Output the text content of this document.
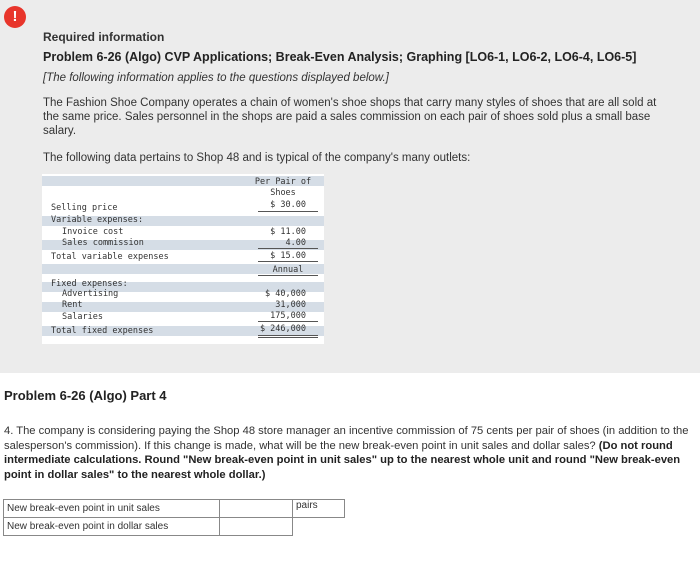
!
Required information
Problem 6-26 (Algo) CVP Applications; Break-Even Analysis; Graphing [LO6-1, LO6-2, LO6-4, LO6-5]
[The following information applies to the questions displayed below.]
The Fashion Shoe Company operates a chain of women's shoe shops that carry many styles of shoes that are all sold at the same price. Sales personnel in the shops are paid a sales commission on each pair of shoes sold plus a small base salary.
The following data pertains to Shop 48 and is typical of the company's many outlets:
Per Pair of
Shoes
Selling price	$ 30.00
Variable expenses:
Invoice cost	$ 11.00
Sales commission	4.00
Total variable expenses	$ 15.00
Annual
Fixed expenses:
Advertising	$ 40,000
Rent	31,000
Salaries	175,000
Total fixed expenses	$ 246,000
Problem 6-26 (Algo) Part 4
4. The company is considering paying the Shop 48 store manager an incentive commission of 75 cents per pair of shoes (in addition to the salesperson's commission). If this change is made, what will be the new break-even point in unit sales and dollar sales? (Do not round intermediate calculations. Round "New break-even point in unit sales" up to the nearest whole unit and round "New break-even point in dollar sales" to the nearest whole dollar.)
New break-even point in unit sales		pairs
New break-even point in dollar sales		
